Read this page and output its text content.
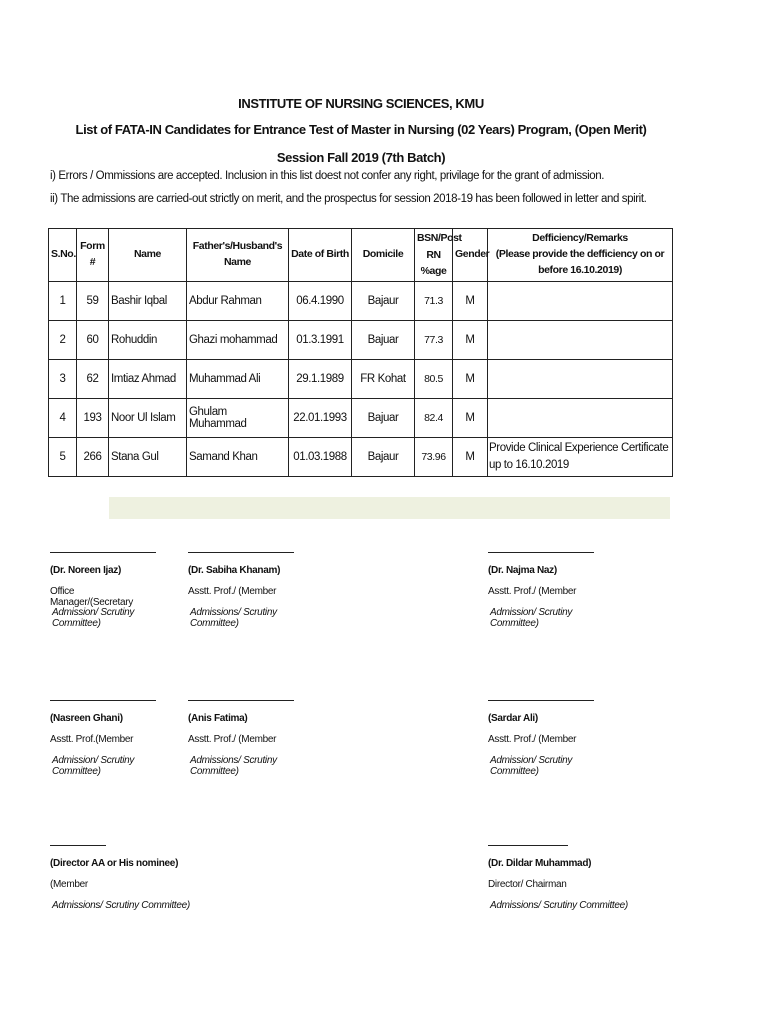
INSTITUTE OF NURSING SCIENCES, KMU
List of FATA-IN Candidates for Entrance Test of Master in Nursing (02 Years) Program, (Open Merit)
Session Fall 2019 (7th Batch)
i) Errors / Ommissions are accepted. Inclusion in this list doest not confer any right, privilage for the grant of admission.
ii) The admissions are carried-out strictly on merit, and the prospectus for session 2018-19 has been followed in letter and spirit.
S.No.	Form #	Name	Father's/Husband's Name	Date of Birth	Domicile	BSN/Post RN %age	Gender	Defficiency/Remarks
(Please provide the defficiency on or before 16.10.2019)

1	59	Bashir Iqbal	Abdur Rahman	06.4.1990	Bajaur	71.3	M	
2	60	Rohuddin	Ghazi mohammad	01.3.1991	Bajuar	77.3	M	
3	62	Imtiaz Ahmad	Muhammad Ali	29.1.1989	FR Kohat	80.5	M	
4	193	Noor Ul Islam	Ghulam Muhammad	22.01.1993	Bajuar	82.4	M	
5	266	Stana Gul	Samand Khan	01.03.1988	Bajaur	73.96	M	Provide Clinical Experience Certificate up to 16.10.2019
(Dr. Noreen Ijaz)
Office Manager/(Secretary
Admission/ Scrutiny Committee)
(Dr. Sabiha Khanam)
Asstt. Prof./ (Member
Admissions/ Scrutiny Committee)
(Dr. Najma Naz)
Asstt. Prof./ (Member
Admission/ Scrutiny Committee)
(Nasreen Ghani)
Asstt. Prof.(Member
Admission/ Scrutiny Committee)
(Anis Fatima)
Asstt. Prof./ (Member
Admissions/ Scrutiny Committee)
(Sardar Ali)
Asstt. Prof./ (Member
Admission/ Scrutiny Committee)
(Director AA or His nominee)
(Member
Admissions/ Scrutiny Committee)
(Dr. Dildar Muhammad)
Director/ Chairman
Admissions/ Scrutiny Committee)
